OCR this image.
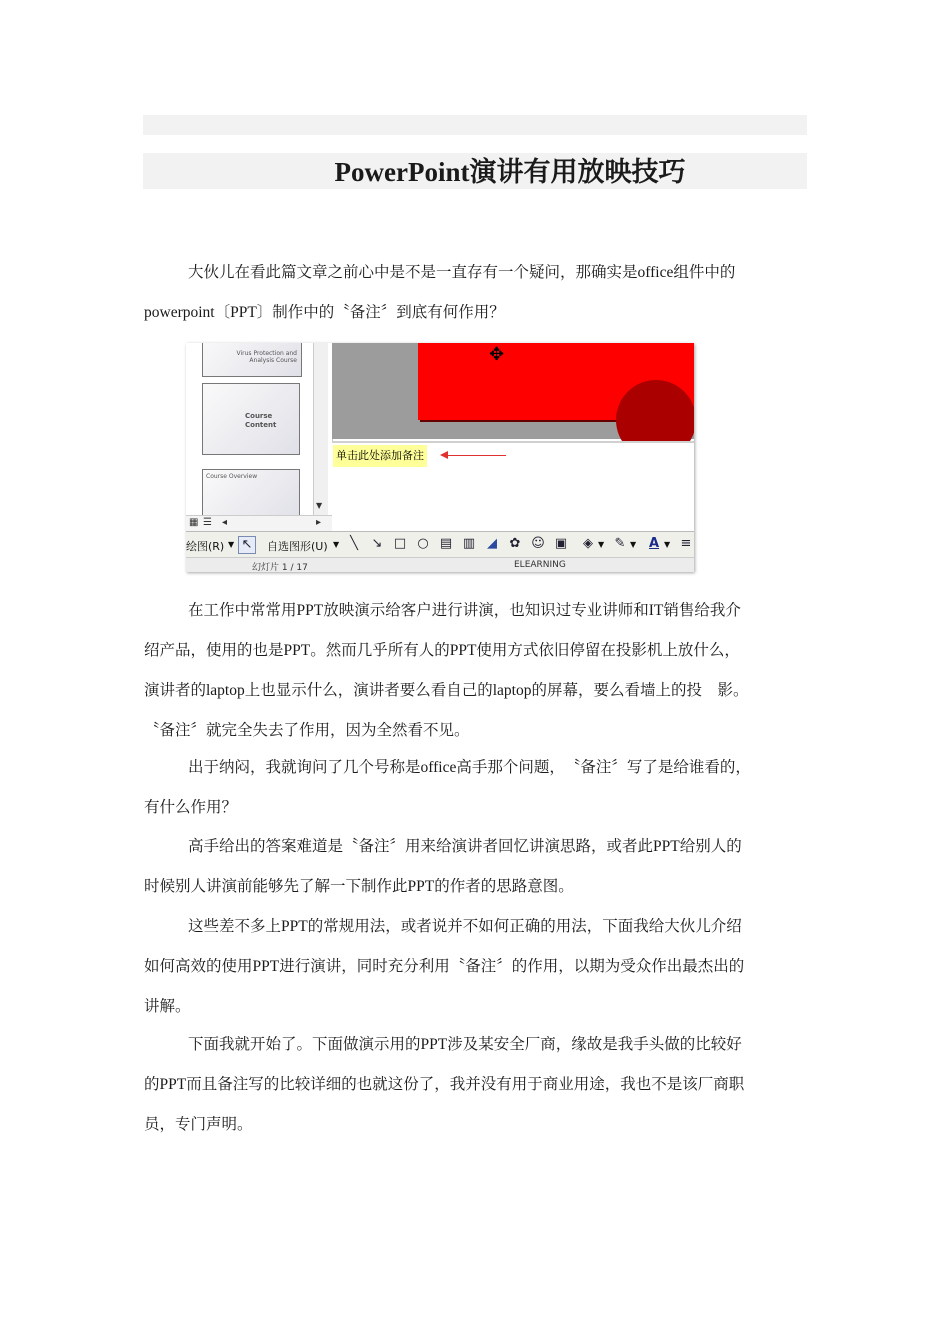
PowerPoint演讲有用放映技巧
大伙儿在看此篇文章之前心中是不是一直存有一个疑问，那确实是office组件中的
powerpoint〔PPT〕制作中的〝备注〞到底有何作用？
Virus Protection and Analysis Course
Course Content
Course Overview
▼
✥
单击此处添加备注
▦ ☰ ◂	▸
绘图(R) ▼ ↖	自选图形(U) ▼ ╲	↘ □ ○ ▤ ▥ ◢ ✿ ☺ ▣ ◈ ▼ ✎ ▼ A ▼ ≡
幻灯片 1 / 17	ELEARNING
在工作中常常用PPT放映演示给客户进行讲演，也知识过专业讲师和IT销售给我介
绍产品，使用的也是PPT。然而几乎所有人的PPT使用方式依旧停留在投影机上放什么，
演讲者的laptop上也显示什么，演讲者要么看自己的laptop的屏幕，要么看墙上的投　影。
〝备注〞就完全失去了作用，因为全然看不见。
出于纳闷，我就询问了几个号称是office高手那个问题，　〝备注〞写了是给谁看的，
有什么作用？
高手给出的答案难道是〝备注〞用来给演讲者回忆讲演思路，或者此PPT给别人的
时候别人讲演前能够先了解一下制作此PPT的作者的思路意图。
这些差不多上PPT的常规用法，或者说并不如何正确的用法，下面我给大伙儿介绍
如何高效的使用PPT进行演讲，同时充分利用〝备注〞的作用，以期为受众作出最杰出的
讲解。
下面我就开始了。下面做演示用的PPT涉及某安全厂商，缘故是我手头做的比较好
的PPT而且备注写的比较详细的也就这份了，我并没有用于商业用途，我也不是该厂商职
员，专门声明。
